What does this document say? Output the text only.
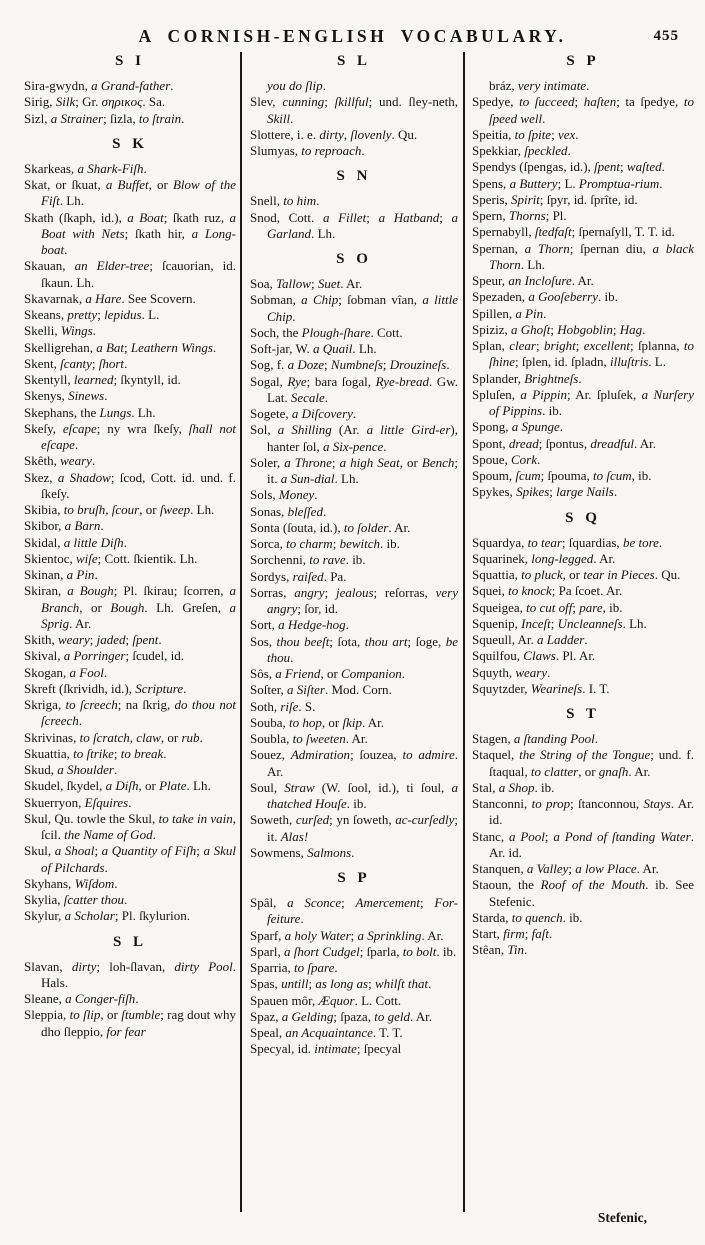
A CORNISH-ENGLISH VOCABULARY.	455
S I

Sira-gwydn, a Grand-father.

Sirig, Silk; Gr. σηρικος. Sa.

Sizl, a Strainer; ſizla, to ſtrain.

S K

Skarkeas, a Shark-Fiſh.

Skat, or ſkuat, a Buffet, or Blow of the Fiſt. Lh.

Skath (ſkaph, id.), a Boat; ſkath ruz, a Boat with Nets; ſkath hir, a Long-boat.

Skauan, an Elder-tree; ſcauorian, id. ſkaun. Lh.

Skavarnak, a Hare. See Scovern.

Skeans, pretty; lepidus. L.

Skelli, Wings.

Skelligrehan, a Bat; Leathern Wings.

Skent, ſcanty; ſhort.

Skentyll, learned; ſkyntyll, id.

Skenys, Sinews.

Skephans, the Lungs. Lh.

Skeſy, eſcape; ny wra ſkeſy, ſhall not eſcape.

Skêth, weary.

Skez, a Shadow; ſcod, Cott. id. und. f. ſkeſy.

Skibia, to bruſh, ſcour, or ſweep. Lh.

Skibor, a Barn.

Skidal, a little Diſh.

Skientoc, wiſe; Cott. ſkientik. Lh.

Skinan, a Pin.

Skiran, a Bough; Pl. ſkirau; ſcorren, a Branch, or Bough. Lh. Greſen, a Sprig. Ar.

Skith, weary; jaded; ſpent.

Skival, a Porringer; ſcudel, id.

Skogan, a Fool.

Skreft (ſkrividh, id.), Scripture.

Skriga, to ſcreech; na ſkrig, do thou not ſcreech.

Skrivinas, to ſcratch, claw, or rub.

Skuattia, to ſtrike; to break.

Skud, a Shoulder.

Skudel, ſkydel, a Diſh, or Plate. Lh.

Skuerryon, Eſquires.

Skul, Qu. towle the Skul, to take in vain, ſcil. the Name of God.

Skul, a Shoal; a Quantity of Fiſh; a Skul of Pilchards.

Skyhans, Wiſdom.

Skylia, ſcatter thou.

Skylur, a Scholar; Pl. ſkylurion.

S L

Slavan, dirty; loh-ſlavan, dirty Pool. Hals.

Sleane, a Conger-fiſh.

Sleppia, to ſlip, or ſtumble; rag dout why dho ſleppio, for fear

S L

you do ſlip.

Slev, cunning; ſkillful; und. ſley-neth, Skill.

Slottere, i. e. dirty, ſlovenly. Qu.

Slumyas, to reproach.

S N

Snell, to him.

Snod, Cott. a Fillet; a Hatband; a Garland. Lh.

S O

Soa, Tallow; Suet. Ar.

Sobman, a Chip; ſobman vîan, a little Chip.

Soch, the Plough-ſhare. Cott.

Soft-jar, W. a Quail. Lh.

Sog, f. a Doze; Numbneſs; Drouzineſs.

Sogal, Rye; bara ſogal, Rye-bread. Gw. Lat. Secale.

Sogete, a Diſcovery.

Sol, a Shilling (Ar. a little Gird-er), hanter ſol, a Six-pence.

Soler, a Throne; a high Seat, or Bench; it. a Sun-dial. Lh.

Sols, Money.

Sonas, bleſſed.

Sonta (ſouta, id.), to ſolder. Ar.

Sorca, to charm; bewitch. ib.

Sorchenni, to rave. ib.

Sordys, raiſed. Pa.

Sorras, angry; jealous; reſorras, very angry; ſor, id.

Sort, a Hedge-hog.

Sos, thou beeſt; ſota, thou art; ſoge, be thou.

Sôs, a Friend, or Companion.

Soſter, a Siſter. Mod. Corn.

Soth, riſe. S.

Souba, to hop, or ſkip. Ar.

Soubla, to ſweeten. Ar.

Souez, Admiration; ſouzea, to admire. Ar.

Soul, Straw (W. ſool, id.), ti ſoul, a thatched Houſe. ib.

Soweth, curſed; yn ſoweth, ac-curſedly; it. Alas!

Sowmens, Salmons.

S P

Spâl, a Sconce; Amercement; For-feiture.

Sparf, a holy Water; a Sprinkling. Ar.

Sparl, a ſhort Cudgel; ſparla, to bolt. ib.

Sparria, to ſpare.

Spas, untill; as long as; whilſt that.

Spauen môr, Æquor. L. Cott.

Spaz, a Gelding; ſpaza, to geld. Ar.

Speal, an Acquaintance. T. T.

Specyal, id. intimate; ſpecyal

S P

bráz, very intimate.

Spedye, to ſucceed; haſten; ta ſpedye, to ſpeed well.

Speitia, to ſpite; vex.

Spekkiar, ſpeckled.

Spendys (ſpengas, id.), ſpent; waſted.

Spens, a Buttery; L. Promptua-rium.

Speris, Spirit; ſpyr, id. ſprîte, id.

Spern, Thorns; Pl.

Spernabyll, ſtedfaſt; ſpernaſyll, T. T. id.

Spernan, a Thorn; ſpernan diu, a black Thorn. Lh.

Speur, an Incloſure. Ar.

Spezaden, a Gooſeberry. ib.

Spillen, a Pin.

Spiziz, a Ghoſt; Hobgoblin; Hag.

Splan, clear; bright; excellent; ſplanna, to ſhine; ſplen, id. ſpladn, illuſtris. L.

Splander, Brightneſs.

Spluſen, a Pippin; Ar. ſpluſek, a Nurſery of Pippins. ib.

Spong, a Spunge.

Spont, dread; ſpontus, dreadful. Ar.

Spoue, Cork.

Spoum, ſcum; ſpouma, to ſcum, ib.

Spykes, Spikes; large Nails.

S Q

Squardya, to tear; ſquardias, be tore.

Squarinek, long-legged. Ar.

Squattia, to pluck, or tear in Pieces. Qu.

Squei, to knock; Pa ſcoet. Ar.

Squeigea, to cut off; pare, ib.

Squenip, Inceſt; Uncleanneſs. Lh.

Squeull, Ar. a Ladder.

Squilfou, Claws. Pl. Ar.

Squyth, weary.

Squytzder, Wearineſs. I. T.

S T

Stagen, a ſtanding Pool.

Staquel, the String of the Tongue; und. f. ſtaqual, to clatter, or gnaſh. Ar.

Stal, a Shop. ib.

Stanconni, to prop; ſtanconnou, Stays. Ar. id.

Stanc, a Pool; a Pond of ſtanding Water. Ar. id.

Stanquen, a Valley; a low Place. Ar.

Staoun, the Roof of the Mouth. ib. See Stefenic.

Starda, to quench. ib.

Start, firm; faſt.

Stêan, Tin.

Stefenic,
